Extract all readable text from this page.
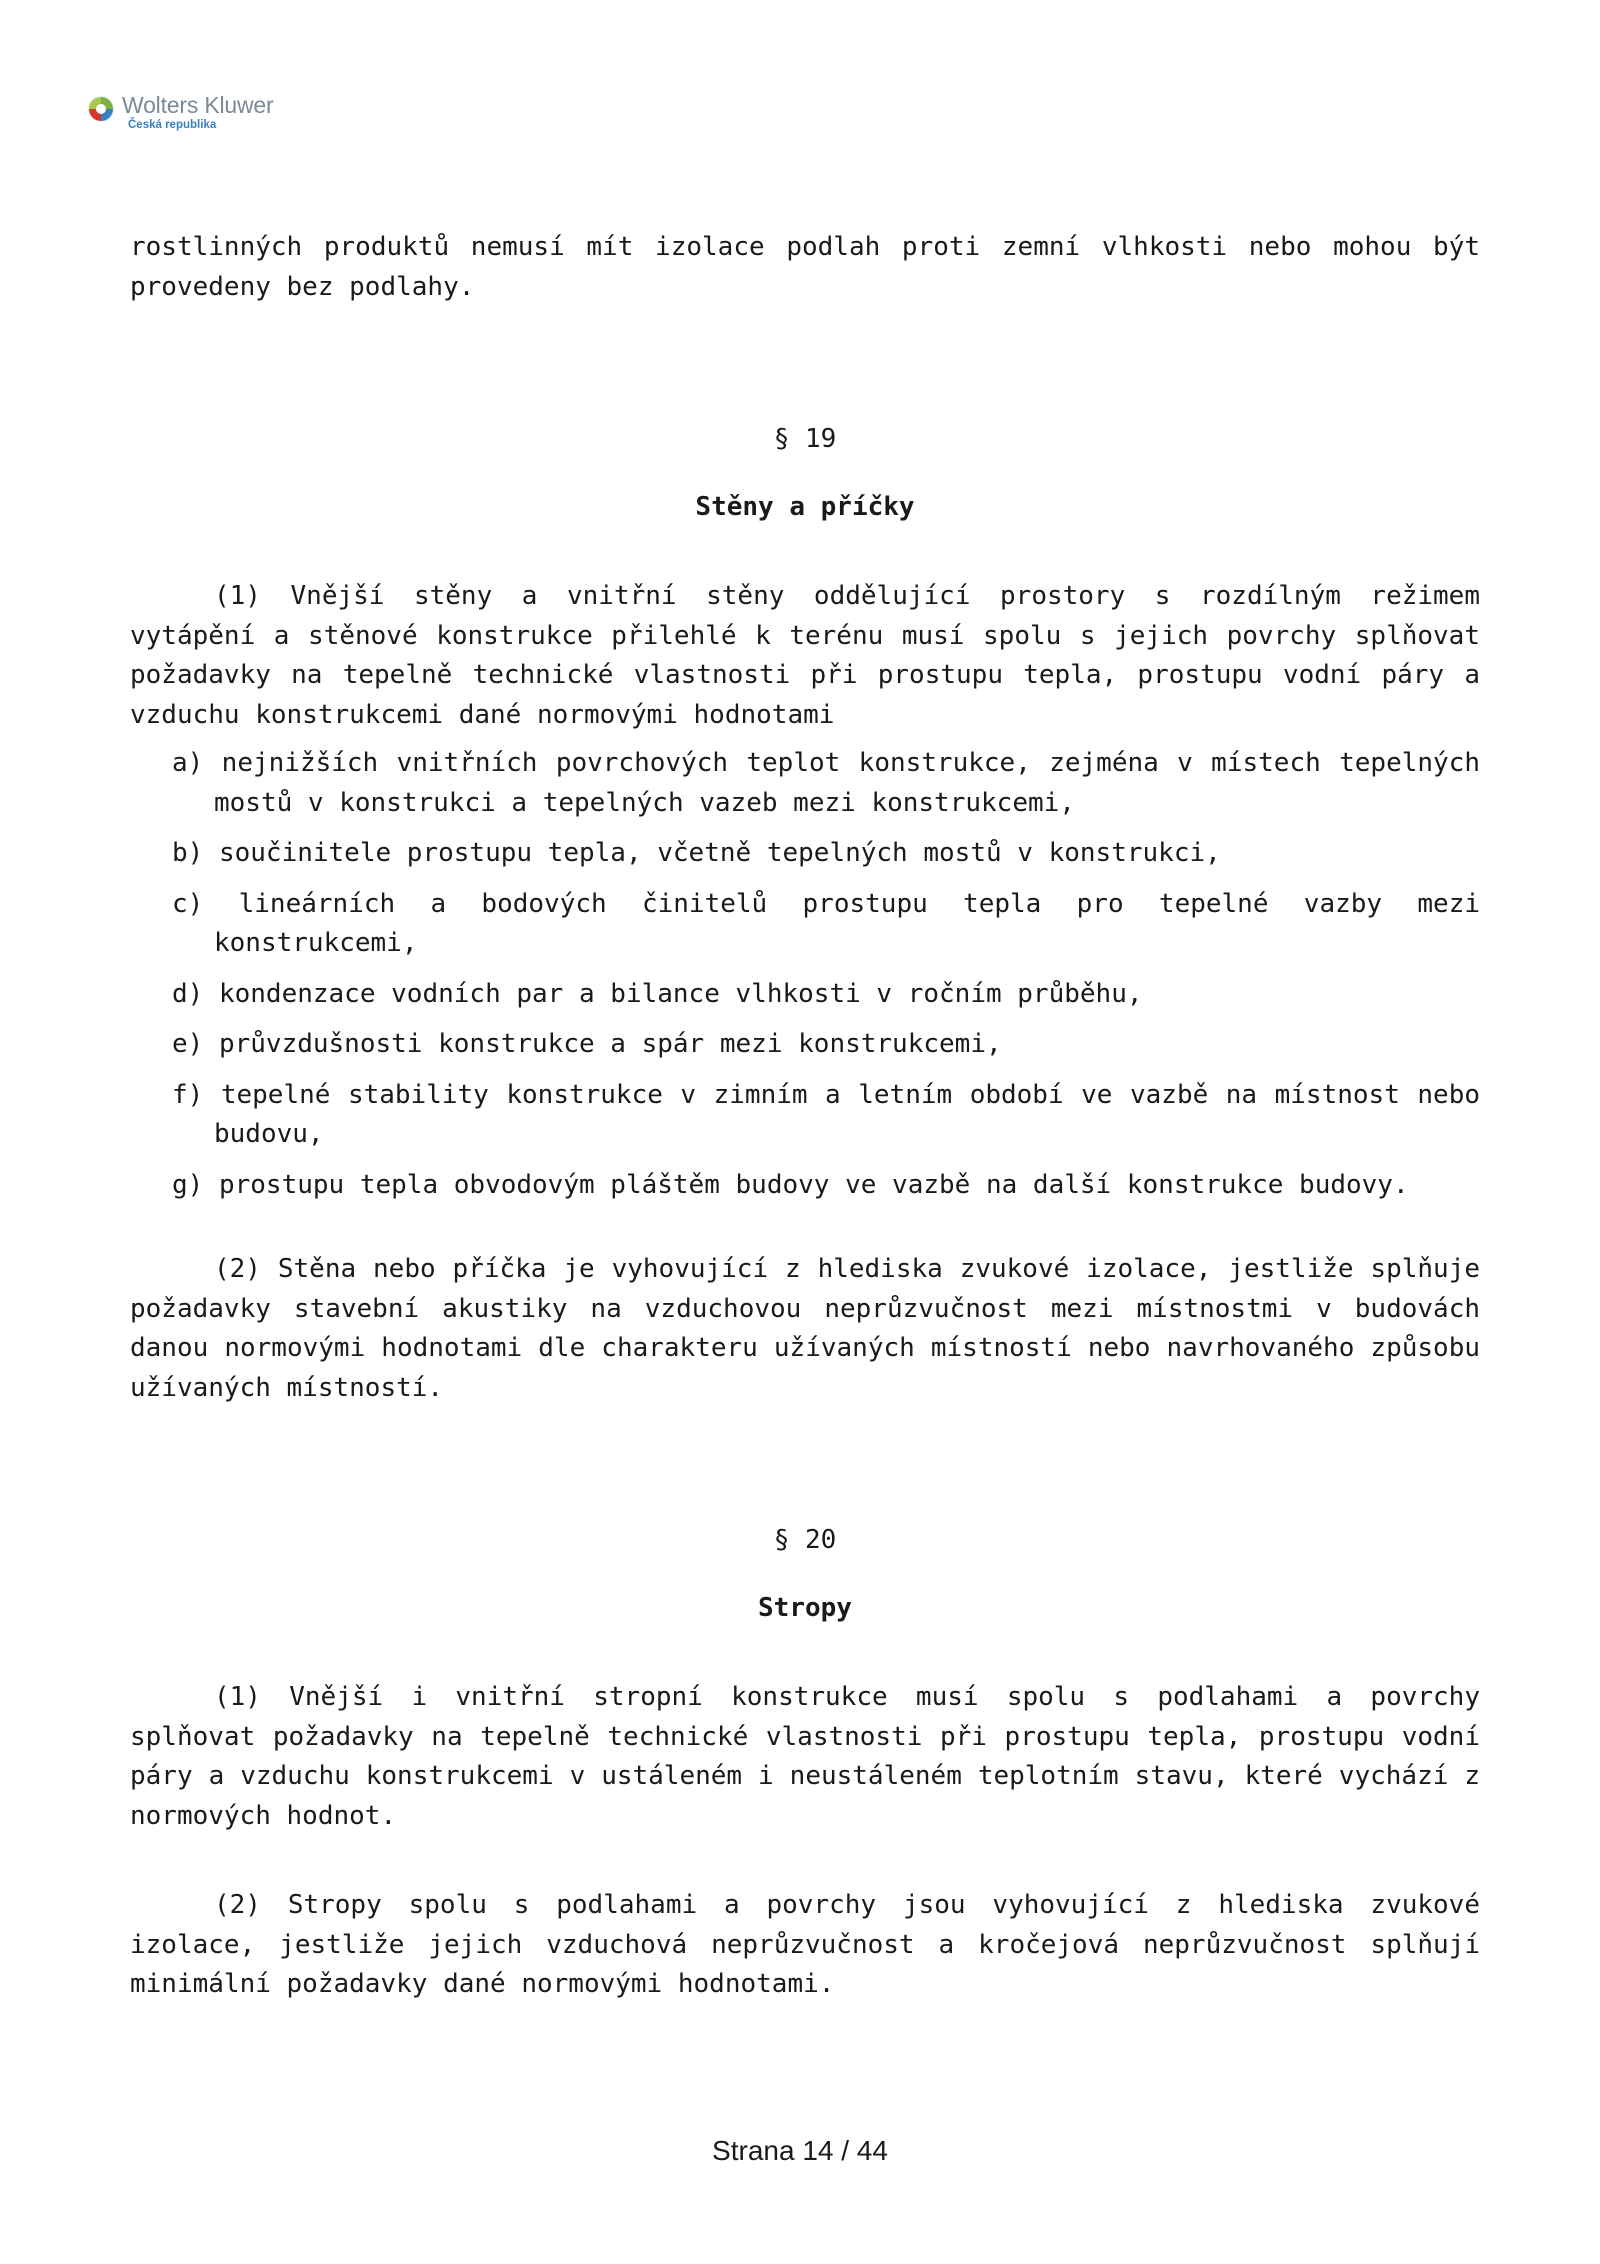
Wolters Kluwer
Česká republika

rostlinných produktů nemusí mít izolace podlah proti zemní vlhkosti nebo mohou být provedeny bez podlahy.

§ 19

Stěny a příčky

(1) Vnější stěny a vnitřní stěny oddělující prostory s rozdílným režimem vytápění a stěnové konstrukce přilehlé k terénu musí spolu s jejich povrchy splňovat požadavky na tepelně technické vlastnosti při prostupu tepla, prostupu vodní páry a vzduchu konstrukcemi dané normovými hodnotami

a) nejnižších vnitřních povrchových teplot konstrukce, zejména v místech tepelných mostů v konstrukci a tepelných vazeb mezi konstrukcemi,
b) součinitele prostupu tepla, včetně tepelných mostů v konstrukci,
c) lineárních a bodových činitelů prostupu tepla pro tepelné vazby mezi konstrukcemi,
d) kondenzace vodních par a bilance vlhkosti v ročním průběhu,
e) průvzdušnosti konstrukce a spár mezi konstrukcemi,
f) tepelné stability konstrukce v zimním a letním období ve vazbě na místnost nebo budovu,
g) prostupu tepla obvodovým pláštěm budovy ve vazbě na další konstrukce budovy.

(2) Stěna nebo příčka je vyhovující z hlediska zvukové izolace, jestliže splňuje požadavky stavební akustiky na vzduchovou neprůzvučnost mezi místnostmi v budovách danou normovými hodnotami dle charakteru užívaných místností nebo navrhovaného způsobu užívaných místností.

§ 20

Stropy

(1) Vnější i vnitřní stropní konstrukce musí spolu s podlahami a povrchy splňovat požadavky na tepelně technické vlastnosti při prostupu tepla, prostupu vodní páry a vzduchu konstrukcemi v ustáleném i neustáleném teplotním stavu, které vychází z normových hodnot.

(2) Stropy spolu s podlahami a povrchy jsou vyhovující z hlediska zvukové izolace, jestliže jejich vzduchová neprůzvučnost a kročejová neprůzvučnost splňují minimální požadavky dané normovými hodnotami.

Strana 14 / 44
